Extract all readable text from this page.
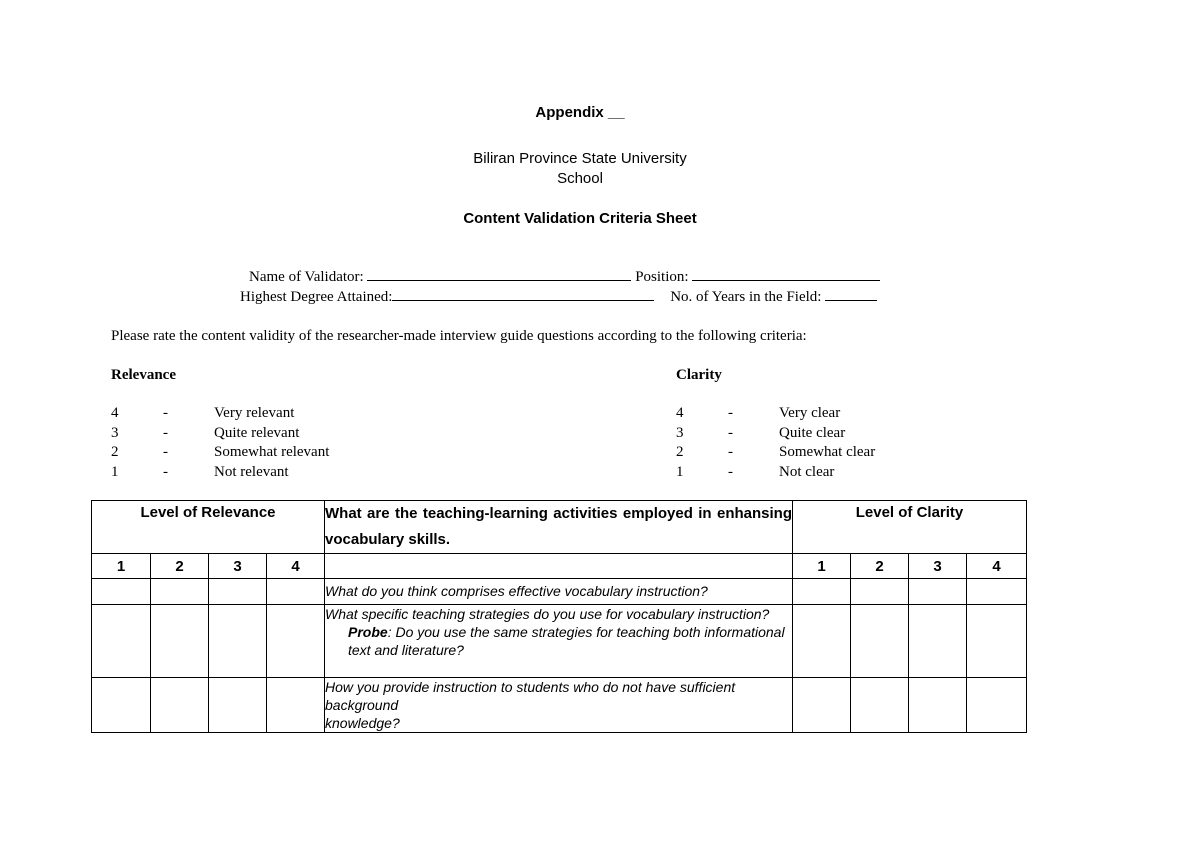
Appendix __
Biliran Province State University
School
Content Validation Criteria Sheet
Name of Validator:	Position:
Highest Degree Attained:	No. of Years in the Field:
Please rate the content validity of the researcher-made interview guide questions according to the following criteria:
Relevance
4	-	Very relevant
3	-	Quite relevant
2	-	Somewhat relevant
1	-	Not relevant
Clarity
4	-	Very clear
3	-	Quite clear
2	-	Somewhat clear
1	-	Not clear
Level of Relevance				What are the teaching-learning activities employed in enhansing vocabulary skills.	Level of Clarity			
1	2	3	4		1	2	3	4
				What do you think comprises effective vocabulary instruction?				

				What specific teaching strategies do you use for vocabulary instruction?
Probe: Do you use the same strategies for teaching both informational text and literature?				

				How you provide instruction to students who do not have sufficient background
knowledge?				
